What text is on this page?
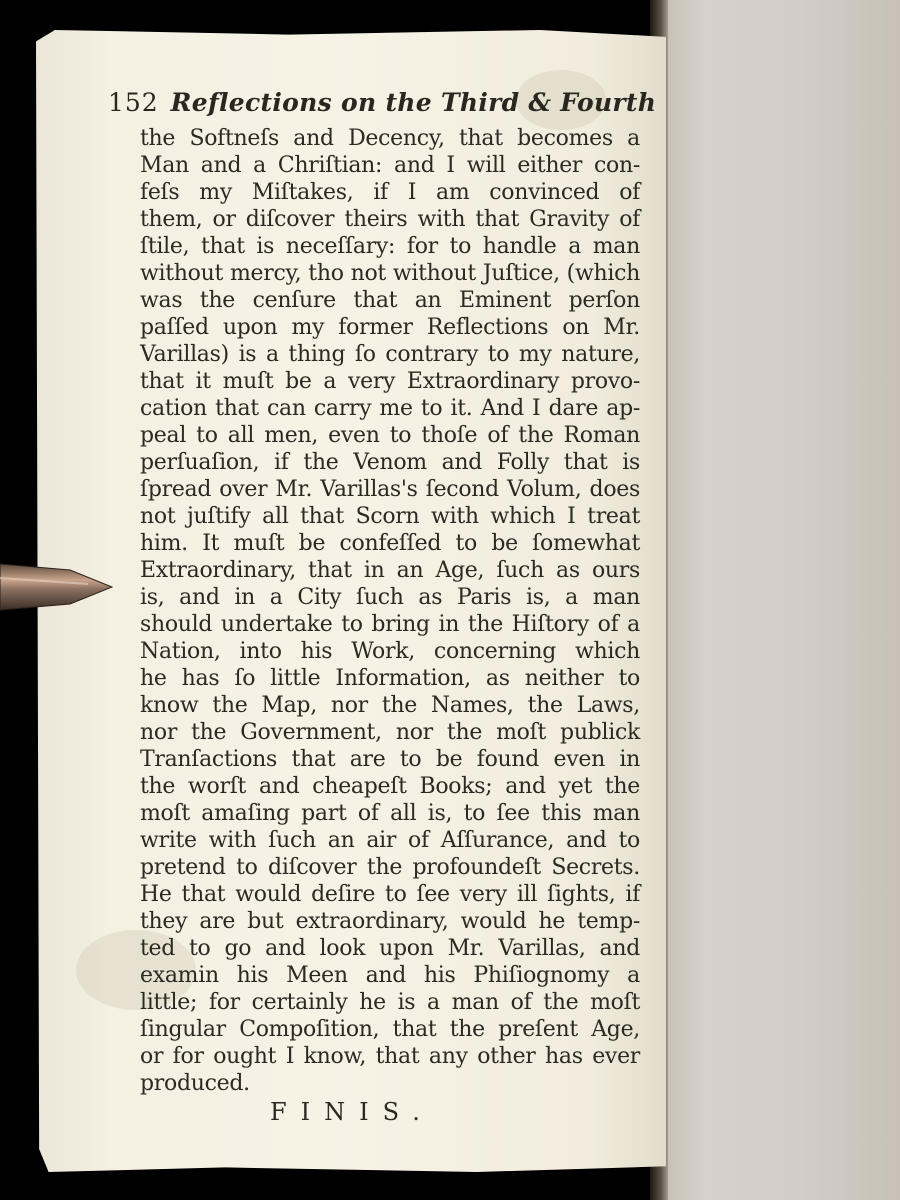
152 Reflections on the Third & Fourth
the Softneſs and Decency, that becomes a
Man and a Chriſtian: and I will either con-
feſs my Miſtakes, if I am convinced of
them, or diſcover theirs with that Gravity of
ſtile, that is neceſſary: for to handle a man
without mercy, tho not without Juſtice, (which
was the cenſure that an Eminent perſon
paſſed upon my former Reflections on Mr.
Varillas) is a thing ſo contrary to my nature,
that it muſt be a very Extraordinary provo-
cation that can carry me to it. And I dare ap-
peal to all men, even to thoſe of the Roman
perſuaſion, if the Venom and Folly that is
ſpread over Mr. Varillas's ſecond Volum, does
not juſtify all that Scorn with which I treat
him. It muſt be confeſſed to be ſomewhat
Extraordinary, that in an Age, ſuch as ours
is, and in a City ſuch as Paris is, a man
should undertake to bring in the Hiſtory of a
Nation, into his Work, concerning which
he has ſo little Information, as neither to
know the Map, nor the Names, the Laws,
nor the Government, nor the moſt publick
Tranſactions that are to be found even in
the worſt and cheapeſt Books; and yet the
moſt amaſing part of all is, to ſee this man
write with ſuch an air of Aſſurance, and to
pretend to diſcover the profoundeſt Secrets.
He that would deſire to ſee very ill ſights, if
they are but extraordinary, would he temp-
ted to go and look upon Mr. Varillas, and
examin his Meen and his Phiſiognomy a
little; for certainly he is a man of the moſt
ſingular Compoſition, that the preſent Age,
or for ought I know, that any other has ever
produced.
FINIS.
